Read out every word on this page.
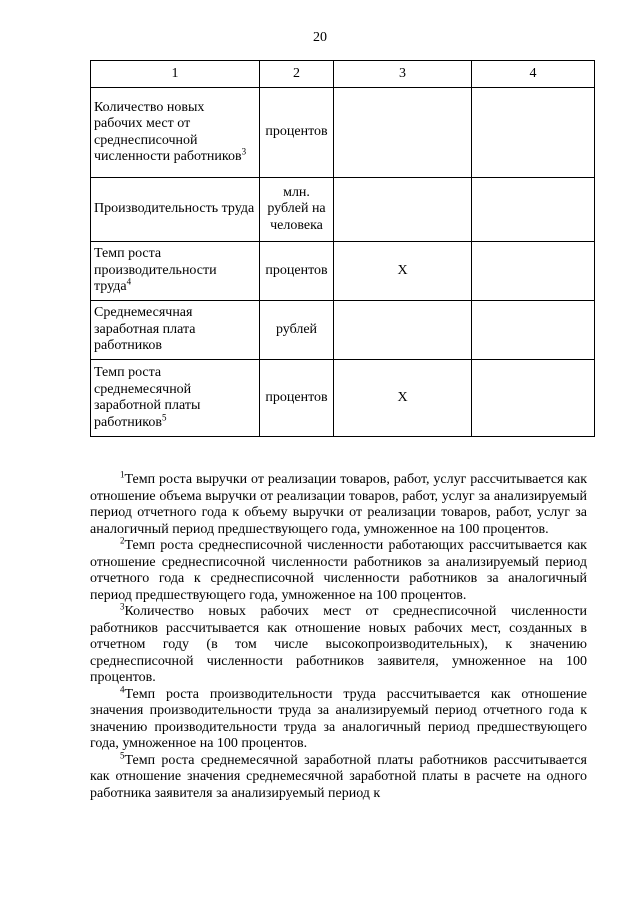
20
1	2	3	4
Количество новых рабочих мест от среднесписочной численности работников$^3$	процентов		
Производительность труда	млн. рублей на человека		
Темп роста производительности труда$^4$	процентов	Х	
Среднемесячная заработная плата работников	рублей		
Темп роста среднемесячной заработной платы работников$^5$	процентов	Х	

$^1$Темп роста выручки от реализации товаров, работ, услуг рассчитывается как отношение объема выручки от реализации товаров, работ, услуг за анализируемый период отчетного года к объему выручки от реализации товаров, работ, услуг за аналогичный период предшествующего года, умноженное на 100 процентов.

$^2$Темп роста среднесписочной численности работающих рассчитывается как отношение среднесписочной численности работников за анализируемый период отчетного года к среднесписочной численности работников за аналогичный период предшествующего года, умноженное на 100 процентов.

$^3$Количество новых рабочих мест от среднесписочной численности работников рассчитывается как отношение новых рабочих мест, созданных в отчетном году (в том числе высокопроизводительных), к значению среднесписочной численности работников заявителя, умноженное на 100 процентов.

$^4$Темп роста производительности труда рассчитывается как отношение значения производительности труда за анализируемый период отчетного года к значению производительности труда за аналогичный период предшествующего года, умноженное на 100 процентов.

$^5$Темп роста среднемесячной заработной платы работников рассчитывается как отношение значения среднемесячной заработной платы в расчете на одного работника заявителя за анализируемый период к
